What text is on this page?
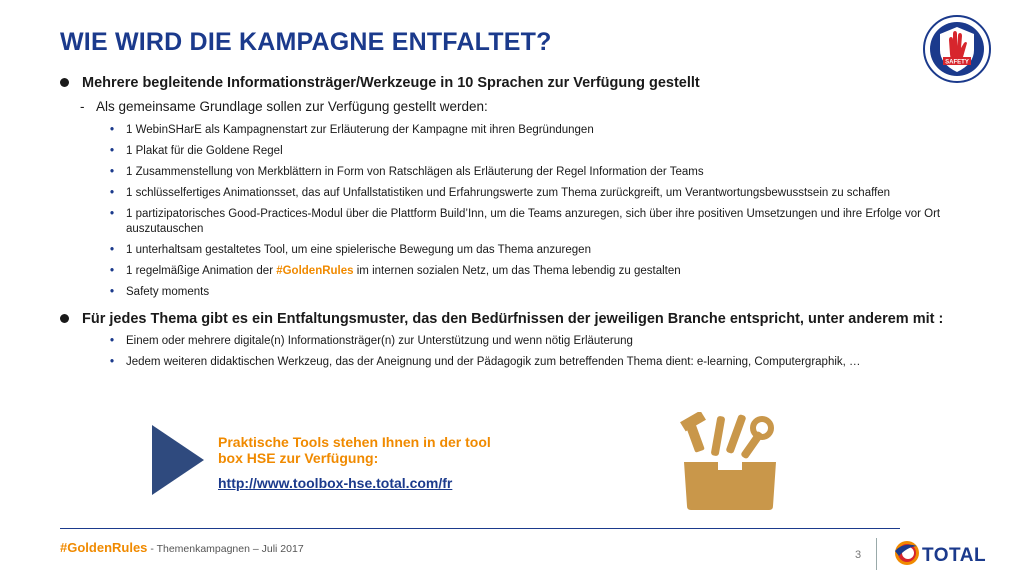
WIE WIRD DIE KAMPAGNE ENTFALTET?
SAFETY
Mehrere begleitende Informationsträger/Werkzeuge in 10 Sprachen zur Verfügung gestellt
- Als gemeinsame Grundlage sollen zur Verfügung gestellt werden:
• 1 WebinSHarE als Kampagnenstart zur Erläuterung der Kampagne mit ihren Begründungen
• 1 Plakat für die Goldene Regel
• 1 Zusammenstellung von Merkblättern in Form von Ratschlägen als Erläuterung der Regel Information der Teams
• 1 schlüsselfertiges Animationsset, das auf Unfallstatistiken und Erfahrungswerte zum Thema zurückgreift, um Verantwortungsbewusstsein zu schaffen
• 1 partizipatorisches Good-Practices-Modul über die Plattform Build’Inn, um die Teams anzuregen, sich über ihre positiven Umsetzungen und ihre Erfolge vor Ort auszutauschen
• 1 unterhaltsam gestaltetes Tool, um eine spielerische Bewegung um das Thema anzuregen
• 1 regelmäßige Animation der #GoldenRules im internen sozialen Netz, um das Thema lebendig zu gestalten
• Safety moments
Für jedes Thema gibt es ein Entfaltungsmuster, das den Bedürfnissen der jeweiligen Branche entspricht, unter anderem mit :
• Einem oder mehrere digitale(n) Informationsträger(n) zur Unterstützung und wenn nötig Erläuterung
• Jedem weiteren didaktischen Werkzeug, das der Aneignung und der Pädagogik zum betreffenden Thema dient: e-learning, Computergraphik, …
Praktische Tools stehen Ihnen in der tool box HSE zur Verfügung:
http://www.toolbox-hse.total.com/fr
#GoldenRules - Themenkampagnen – Juli 2017	3	TOTAL
